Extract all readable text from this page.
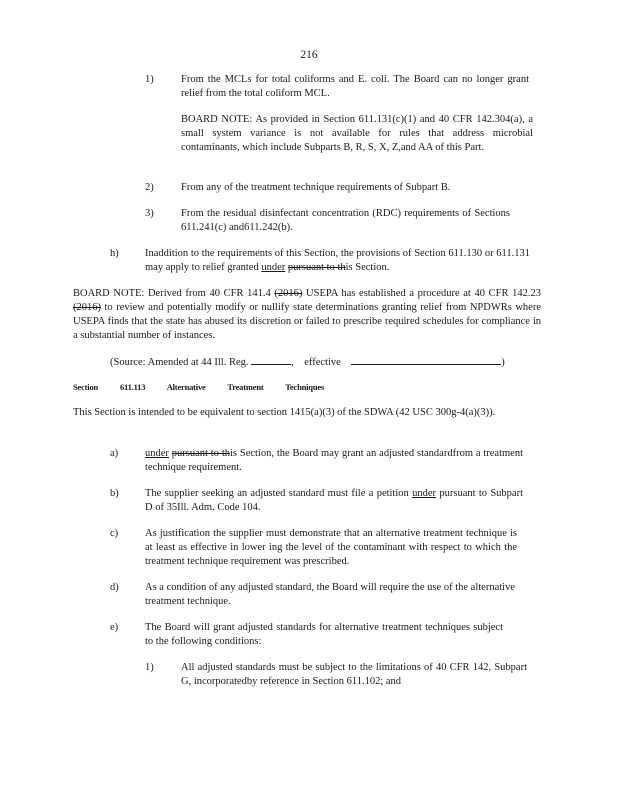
216
1)	From the MCLs for total coliforms and E. coli. The Board can no longer grant relief from the total coliform MCL.
BOARD NOTE: As provided in Section 611.131(c)(1) and 40 CFR 142.304(a), a small system variance is not available for rules that address microbial contaminants, which include Subparts B, R, S, X, Z,and AA of this Part.
2)	From any of the treatment technique requirements of Subpart B.
3)	From the residual disinfectant concentration (RDC) requirements of Sections 611.241(c) and611.242(b).
h)	Inaddition to the requirements of this Section, the provisions of Section 611.130 or 611.131 may apply to relief granted under pursuant to this Section.
BOARD NOTE: Derived from 40 CFR 141.4 (2016) USEPA has established a procedure at 40 CFR 142.23 (2016) to review and potentially modify or nullify state determinations granting relief from NPDWRs where USEPA finds that the state has abused its discretion or failed to prescribe required schedules for compliance in a substantial number of instances.
(Source: Amended at 44 Ill. Reg.	, effective	)
Section 611.113 Alternative Treatment Techniques
This Section is intended to be equivalent to section 1415(a)(3) of the SDWA (42 USC 300g-4(a)(3)).
a)	under pursuant to this Section, the Board may grant an adjusted standardfrom a treatment technique requirement.
b)	The supplier seeking an adjusted standard must file a petition under pursuant to Subpart D of 35Ill. Adm. Code 104.
c)	As justification the supplier must demonstrate that an alternative treatment technique is at least as effective in lower ing the level of the contaminant with respect to which the treatment technique requirement was prescribed.
d)	As a condition of any adjusted standard, the Board will require the use of the alternative treatment technique.
e)	The Board will grant adjusted standards for alternative treatment techniques subject to the following conditions:
1)	All adjusted standards must be subject to the limitations of 40 CFR 142, Subpart G, incorporatedby reference in Section 611.102; and
